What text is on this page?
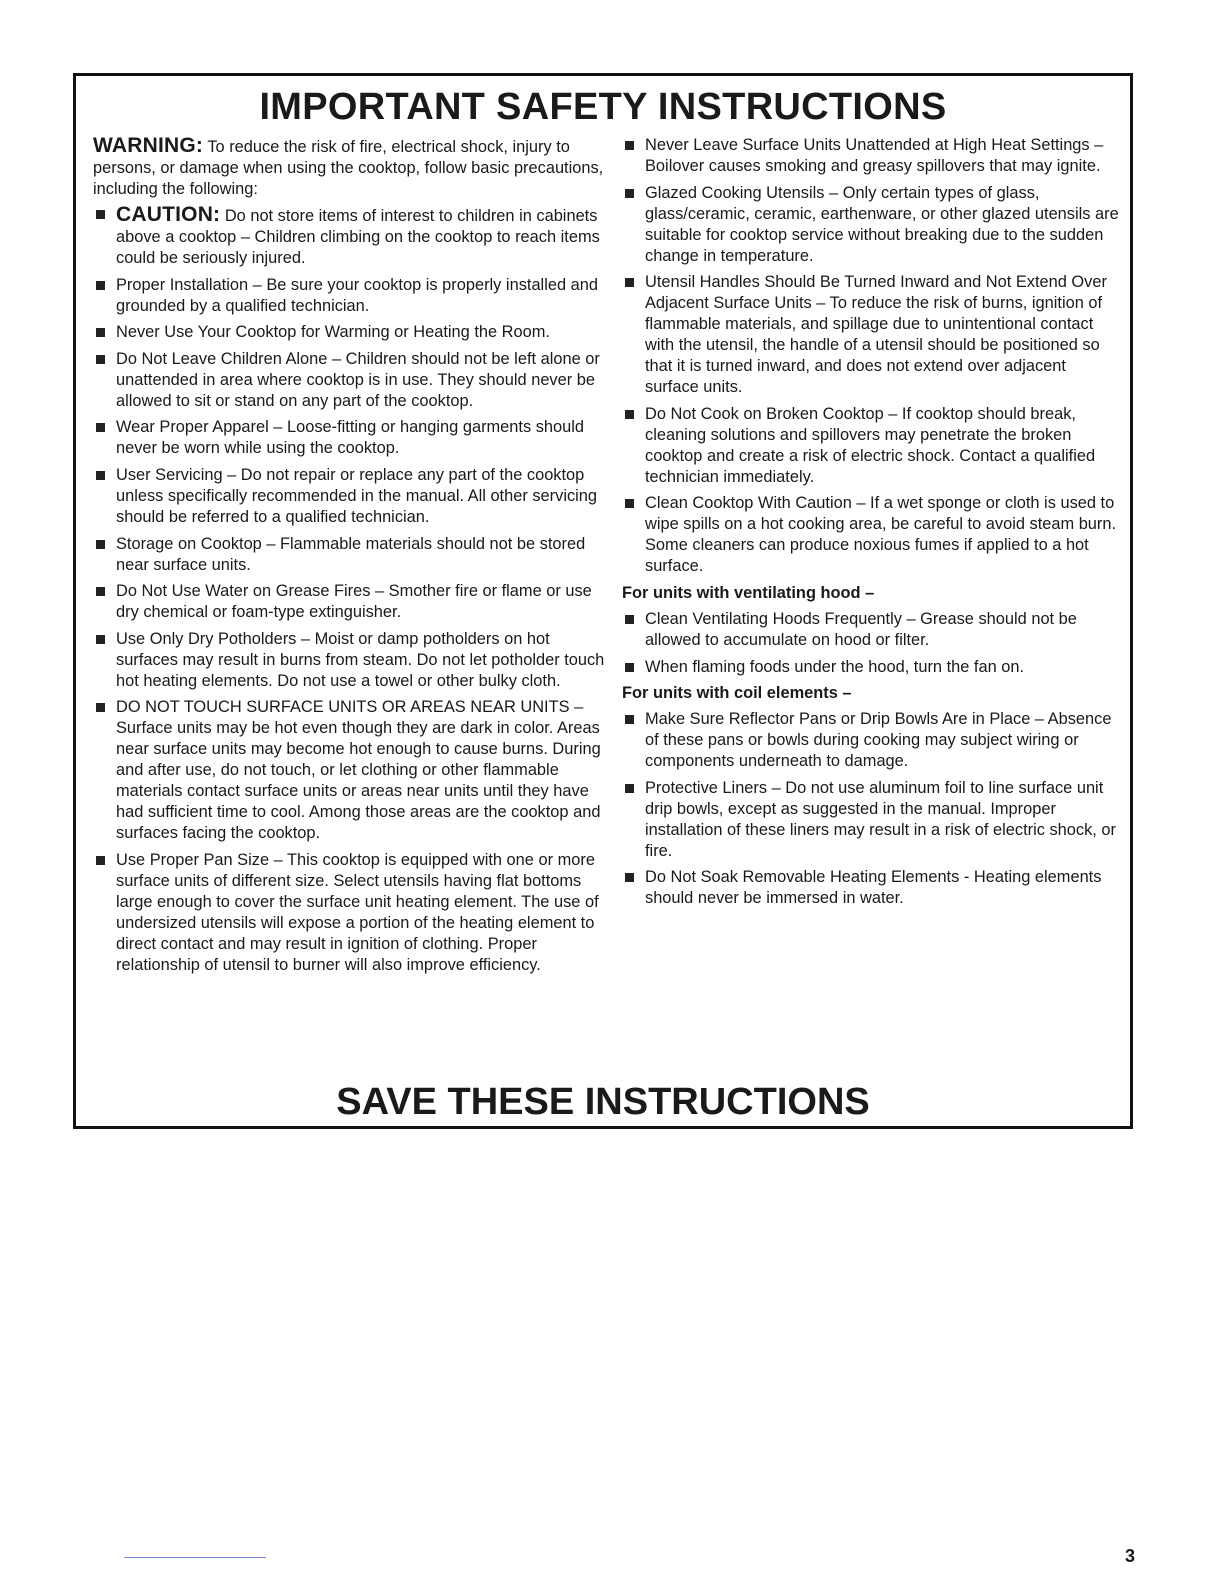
IMPORTANT SAFETY INSTRUCTIONS

WARNING: To reduce the risk of fire, electrical shock, injury to persons, or damage when using the cooktop, follow basic precautions, including the following:

CAUTION: Do not store items of interest to children in cabinets above a cooktop – Children climbing on the cooktop to reach items could be seriously injured.
Proper Installation – Be sure your cooktop is properly installed and grounded by a qualified technician.
Never Use Your Cooktop for Warming or Heating the Room.
Do Not Leave Children Alone – Children should not be left alone or unattended in area where cooktop is in use. They should never be allowed to sit or stand on any part of the cooktop.
Wear Proper Apparel – Loose-fitting or hanging garments should never be worn while using the cooktop.
User Servicing – Do not repair or replace any part of the cooktop unless specifically recommended in the manual. All other servicing should be referred to a qualified technician.
Storage on Cooktop – Flammable materials should not be stored near surface units.
Do Not Use Water on Grease Fires – Smother fire or flame or use dry chemical or foam-type extinguisher.
Use Only Dry Potholders – Moist or damp potholders on hot surfaces may result in burns from steam. Do not let potholder touch hot heating elements. Do not use a towel or other bulky cloth.
DO NOT TOUCH SURFACE UNITS OR AREAS NEAR UNITS – Surface units may be hot even though they are dark in color. Areas near surface units may become hot enough to cause burns. During and after use, do not touch, or let clothing or other flammable materials contact surface units or areas near units until they have had sufficient time to cool. Among those areas are the cooktop and surfaces facing the cooktop.
Use Proper Pan Size – This cooktop is equipped with one or more surface units of different size. Select utensils having flat bottoms large enough to cover the surface unit heating element. The use of undersized utensils will expose a portion of the heating element to direct contact and may result in ignition of clothing. Proper relationship of utensil to burner will also improve efficiency.
Never Leave Surface Units Unattended at High Heat Settings – Boilover causes smoking and greasy spillovers that may ignite.
Glazed Cooking Utensils – Only certain types of glass, glass/ceramic, ceramic, earthenware, or other glazed utensils are suitable for cooktop service without breaking due to the sudden change in temperature.
Utensil Handles Should Be Turned Inward and Not Extend Over Adjacent Surface Units – To reduce the risk of burns, ignition of flammable materials, and spillage due to unintentional contact with the utensil, the handle of a utensil should be positioned so that it is turned inward, and does not extend over adjacent surface units.
Do Not Cook on Broken Cooktop – If cooktop should break, cleaning solutions and spillovers may penetrate the broken cooktop and create a risk of electric shock. Contact a qualified technician immediately.
Clean Cooktop With Caution – If a wet sponge or cloth is used to wipe spills on a hot cooking area, be careful to avoid steam burn. Some cleaners can produce noxious fumes if applied to a hot surface.

For units with ventilating hood –

Clean Ventilating Hoods Frequently – Grease should not be allowed to accumulate on hood or filter.
When flaming foods under the hood, turn the fan on.

For units with coil elements –

Make Sure Reflector Pans or Drip Bowls Are in Place – Absence of these pans or bowls during cooking may subject wiring or components underneath to damage.
Protective Liners – Do not use aluminum foil to line surface unit drip bowls, except as suggested in the manual. Improper installation of these liners may result in a risk of electric shock, or fire.
Do Not Soak Removable Heating Elements - Heating elements should never be immersed in water.
SAVE THESE INSTRUCTIONS
3
